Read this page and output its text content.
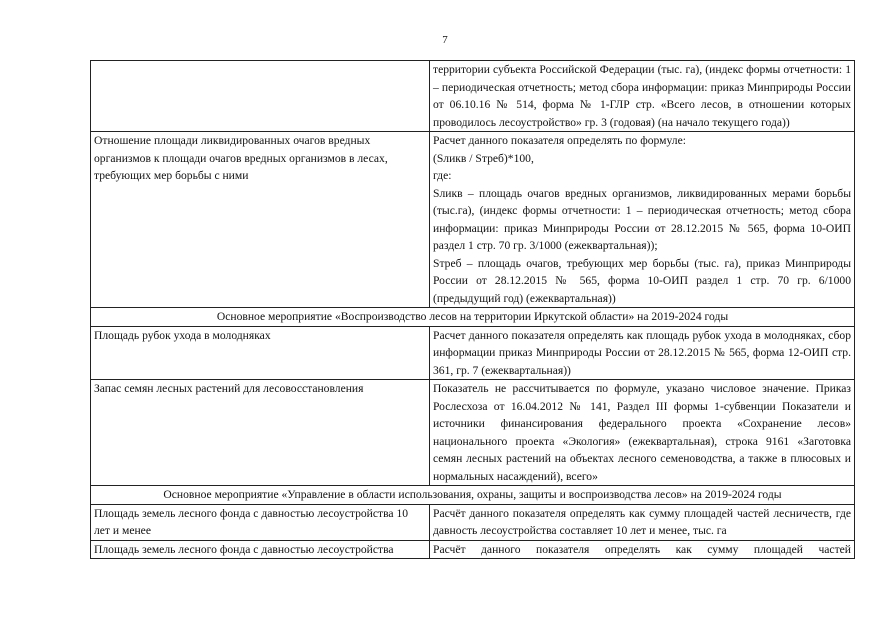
7
	территории субъекта Российской Федерации (тыс. га), (индекс формы отчетности: 1 – периодическая отчетность; метод сбора информации: приказ Минприроды России от 06.10.16 № 514, форма № 1-ГЛР стр. «Всего лесов, в отношении которых проводилось лесоустройство» гр. 3 (годовая) (на начало текущего года))
Отношение площади ликвидированных очагов вредных организмов к площади очагов вредных организмов в лесах, требующих мер борьбы с ними	Расчет данного показателя определять по формуле:
(Sликв / Sтреб)*100,
где:
Sликв – площадь очагов вредных организмов, ликвидированных мерами борьбы (тыс.га), (индекс формы отчетности: 1 – периодическая отчетность; метод сбора информации: приказ Минприроды России от 28.12.2015 № 565, форма 10-ОИП раздел 1 стр. 70 гр. 3/1000 (ежеквартальная));
Sтреб – площадь очагов, требующих мер борьбы (тыс. га), приказ Минприроды России от 28.12.2015 № 565, форма 10-ОИП раздел 1 стр. 70 гр. 6/1000 (предыдущий год) (ежеквартальная))

Основное мероприятие «Воспроизводство лесов на территории Иркутской области» на 2019-2024 годы	
Площадь рубок ухода в молодняках	Расчет данного показателя определять как площадь рубок ухода в молодняках, сбор информации приказ Минприроды России от 28.12.2015 № 565, форма 12-ОИП стр. 361, гр. 7 (ежеквартальная))
Запас семян лесных растений для лесовосстановления	Показатель не рассчитывается по формуле, указано числовое значение. Приказ Рослесхоза от 16.04.2012 № 141, Раздел III формы 1-субвенции Показатели и источники финансирования федерального проекта «Сохранение лесов» национального проекта «Экология» (ежеквартальная), строка 9161 «Заготовка семян лесных растений на объектах лесного семеноводства, а также в плюсовых и нормальных насаждений), всего»
Основное мероприятие «Управление в области использования, охраны, защиты и воспроизводства лесов» на 2019-2024 годы	
Площадь земель лесного фонда с давностью лесоустройства 10 лет и менее	Расчёт данного показателя определять как сумму площадей частей лесничеств, где давность лесоустройства составляет 10 лет и менее, тыс. га
Площадь земель лесного фонда с давностью лесоустройства	Расчёт данного показателя определять как сумму площадей частей
